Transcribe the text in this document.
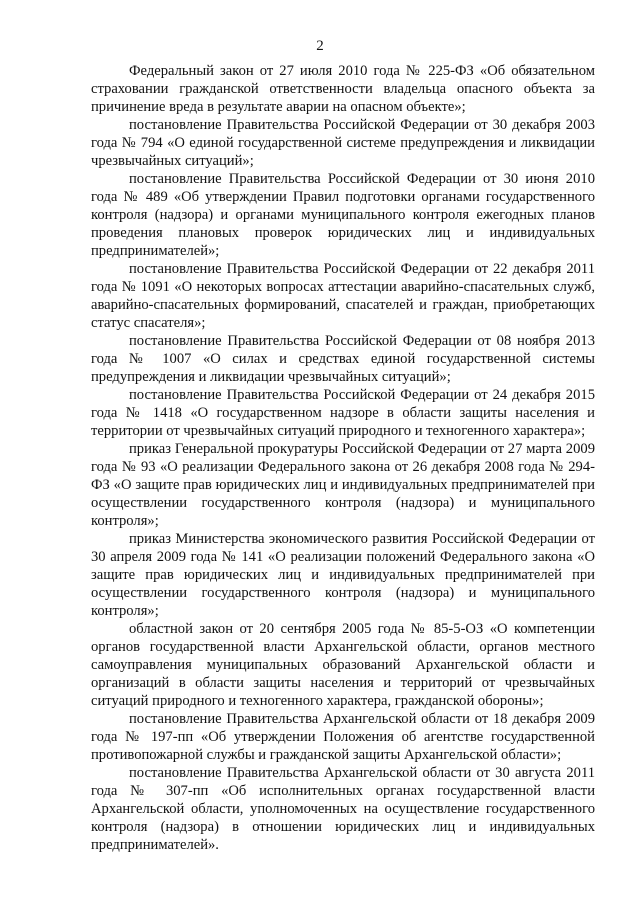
2

Федеральный закон от 27 июля 2010 года № 225-ФЗ «Об обязательном страховании гражданской ответственности владельца опасного объекта за причинение вреда в результате аварии на опасном объекте»;

постановление Правительства Российской Федерации от 30 декабря 2003 года № 794 «О единой государственной системе предупреждения и ликвидации чрезвычайных ситуаций»;

постановление Правительства Российской Федерации от 30 июня 2010 года № 489 «Об утверждении Правил подготовки органами государственного контроля (надзора) и органами муниципального контроля ежегодных планов проведения плановых проверок юридических лиц и индивидуальных предпринимателей»;

постановление Правительства Российской Федерации от 22 декабря 2011 года № 1091 «О некоторых вопросах аттестации аварийно-спасательных служб, аварийно-спасательных формирований, спасателей и граждан, приобретающих статус спасателя»;

постановление Правительства Российской Федерации от 08 ноября 2013 года № 1007 «О силах и средствах единой государственной системы предупреждения и ликвидации чрезвычайных ситуаций»;

постановление Правительства Российской Федерации от 24 декабря 2015 года № 1418 «О государственном надзоре в области защиты населения и территории от чрезвычайных ситуаций природного и техногенного характера»;

приказ Генеральной прокуратуры Российской Федерации от 27 марта 2009 года № 93 «О реализации Федерального закона от 26 декабря 2008 года № 294-ФЗ «О защите прав юридических лиц и индивидуальных предпринимателей при осуществлении государственного контроля (надзора) и муниципального контроля»;

приказ Министерства экономического развития Российской Федерации от 30 апреля 2009 года № 141 «О реализации положений Федерального закона «О защите прав юридических лиц и индивидуальных предпринимателей при осуществлении государственного контроля (надзора) и муниципального контроля»;

областной закон от 20 сентября 2005 года № 85-5-ОЗ «О компетенции органов государственной власти Архангельской области, органов местного самоуправления муниципальных образований Архангельской области и организаций в области защиты населения и территорий от чрезвычайных ситуаций природного и техногенного характера, гражданской обороны»;

постановление Правительства Архангельской области от 18 декабря 2009 года № 197-пп «Об утверждении Положения об агентстве государственной противопожарной службы и гражданской защиты Архангельской области»;

постановление Правительства Архангельской области от 30 августа 2011 года № 307-пп «Об исполнительных органах государственной власти Архангельской области, уполномоченных на осуществление государственного контроля (надзора) в отношении юридических лиц и индивидуальных предпринимателей».
